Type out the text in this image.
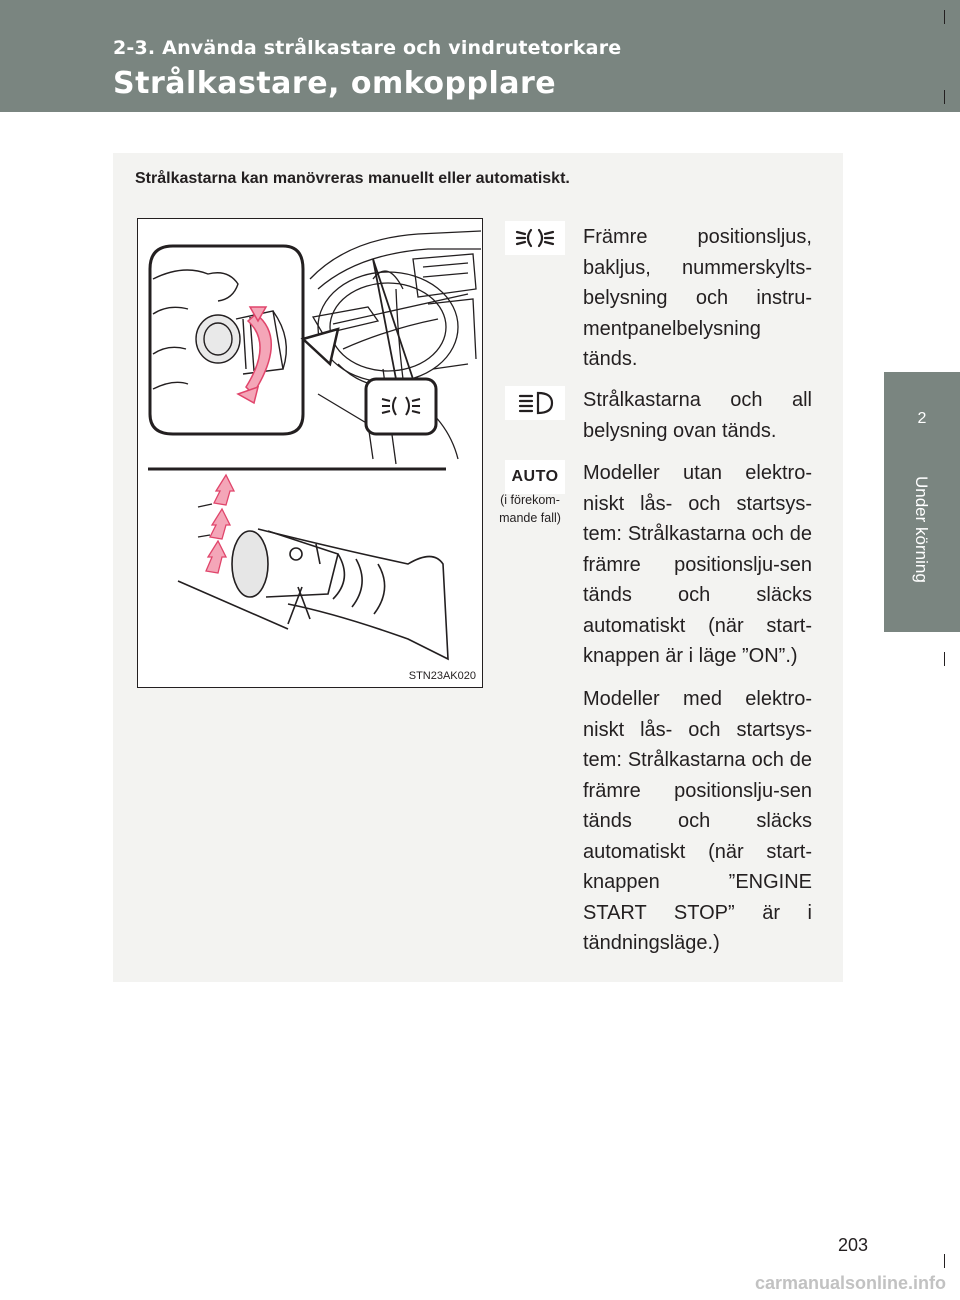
2-3. Använda strålkastare och vindrutetorkare
Strålkastare, omkopplare
2
Under körning
Strålkastarna kan manövreras manuellt eller automatiskt.
STN23AK020
Främre positionsljus, bakljus, nummerskylts-belysning och instru-mentpanelbelysning tänds.
Strålkastarna och all belysning ovan tänds.
AUTO
(i förekom-mande fall)
Modeller utan elektro-niskt lås- och startsys-tem: Strålkastarna och de främre positionslju-sen tänds och släcks automatiskt (när start-knappen är i läge ”ON”.)
Modeller med elektro-niskt lås- och startsys-tem: Strålkastarna och de främre positionslju-sen tänds och släcks automatiskt (när start-knappen ”ENGINE START STOP” är i tändningsläge.)
203
carmanualsonline.info
